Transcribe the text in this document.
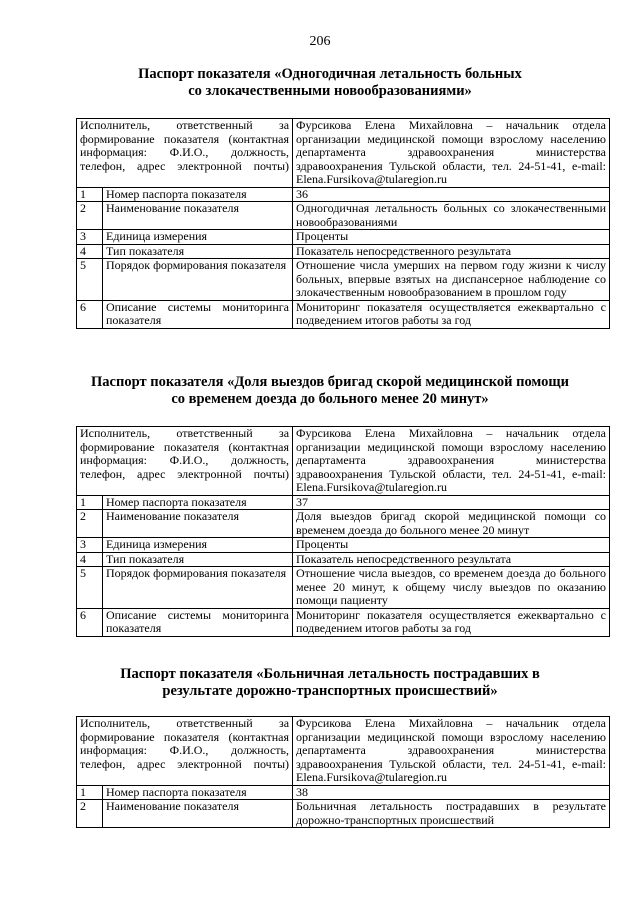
206
Паспорт показателя «Одногодичная летальность больных
со злокачественными новообразованиями»
Исполнитель, ответственный за формирование показателя (контактная информация: Ф.И.О., должность, телефон, адрес электронной почты)		Фурсикова Елена Михайловна – начальник отдела организации медицинской помощи взрослому населению департамента здравоохранения министерства здравоохранения Тульской области, тел. 24-51-41, e-mail: Elena.Fursikova@tularegion.ru
1	Номер паспорта показателя	36
2	Наименование показателя	Одногодичная летальность больных со злокачественными новообразованиями
3	Единица измерения	Проценты
4	Тип показателя	Показатель непосредственного результата
5	Порядок формирования показателя	Отношение числа умерших на первом году жизни к числу больных, впервые взятых на диспансерное наблюдение со злокачественным новообразованием в прошлом году
6	Описание системы мониторинга показателя	Мониторинг показателя осуществляется ежеквартально с подведением итогов работы за год
Паспорт показателя «Доля выездов бригад скорой медицинской помощи
со временем доезда до больного менее 20 минут»
Исполнитель, ответственный за формирование показателя (контактная информация: Ф.И.О., должность, телефон, адрес электронной почты)		Фурсикова Елена Михайловна – начальник отдела организации медицинской помощи взрослому населению департамента здравоохранения министерства здравоохранения Тульской области, тел. 24-51-41, e-mail: Elena.Fursikova@tularegion.ru
1	Номер паспорта показателя	37
2	Наименование показателя	Доля выездов бригад скорой медицинской помощи со временем доезда до больного менее 20 минут
3	Единица измерения	Проценты
4	Тип показателя	Показатель непосредственного результата
5	Порядок формирования показателя	Отношение числа выездов, со временем доезда до больного менее 20 минут, к общему числу выездов по оказанию помощи пациенту
6	Описание системы мониторинга показателя	Мониторинг показателя осуществляется ежеквартально с подведением итогов работы за год
Паспорт показателя «Больничная летальность пострадавших в
результате дорожно-транспортных происшествий»
Исполнитель, ответственный за формирование показателя (контактная информация: Ф.И.О., должность, телефон, адрес электронной почты)		Фурсикова Елена Михайловна – начальник отдела организации медицинской помощи взрослому населению департамента здравоохранения министерства здравоохранения Тульской области, тел. 24-51-41, e-mail: Elena.Fursikova@tularegion.ru
1	Номер паспорта показателя	38
2	Наименование показателя	Больничная летальность пострадавших в результате дорожно-транспортных происшествий
